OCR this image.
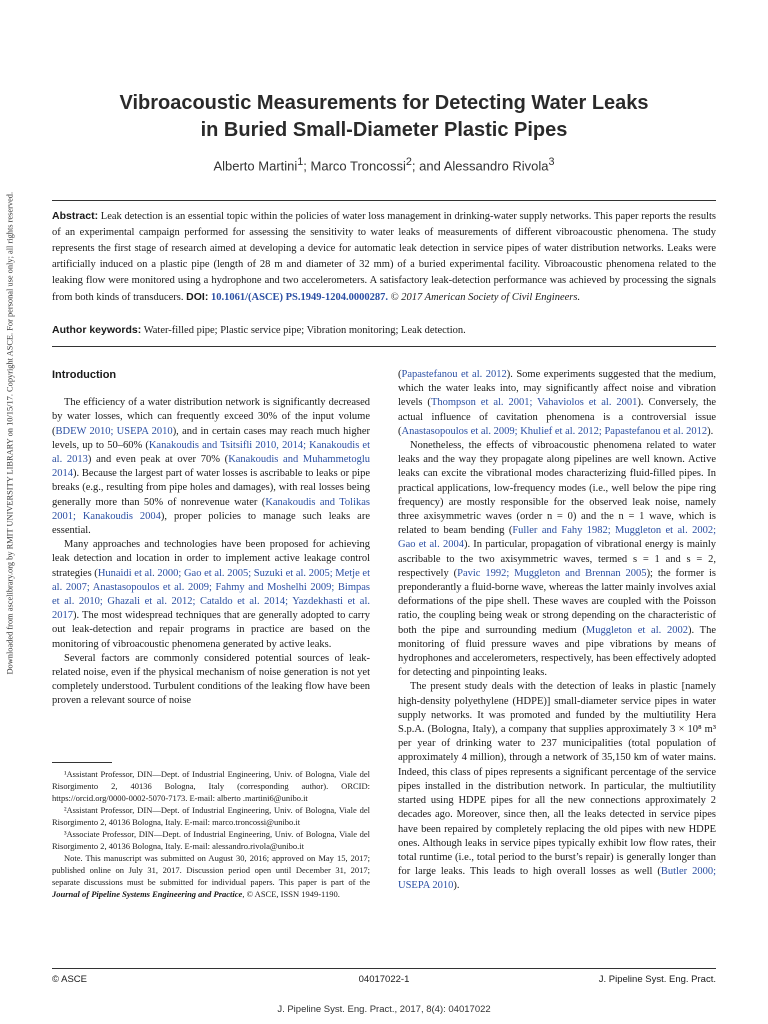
Downloaded from ascelibrary.org by RMIT UNIVERSITY LIBRARY on 10/15/17. Copyright ASCE. For personal use only; all rights reserved.
Vibroacoustic Measurements for Detecting Water Leaks
in Buried Small-Diameter Plastic Pipes
Alberto Martini$^1$; Marco Troncossi$^2$; and Alessandro Rivola$^3$
Abstract: Leak detection is an essential topic within the policies of water loss management in drinking-water supply networks. This paper reports the results of an experimental campaign performed for assessing the sensitivity to water leaks of measurements of different vibroacoustic phenomena. The study represents the first stage of research aimed at developing a device for automatic leak detection in service pipes of water distribution networks. Leaks were artificially induced on a plastic pipe (length of 28 m and diameter of 32 mm) of a buried experimental facility. Vibroacoustic phenomena related to the leaking flow were monitored using a hydrophone and two accelerometers. A satisfactory leak-detection performance was achieved by processing the signals from both kinds of transducers. DOI: 10.1061/(ASCE) PS.1949-1204.0000287. © 2017 American Society of Civil Engineers.
Author keywords: Water-filled pipe; Plastic service pipe; Vibration monitoring; Leak detection.
Introduction

The efficiency of a water distribution network is significantly decreased by water losses, which can frequently exceed 30% of the input volume (BDEW 2010; USEPA 2010), and in certain cases may reach much higher levels, up to 50–60% (Kanakoudis and Tsitsifli 2010, 2014; Kanakoudis et al. 2013) and even peak at over 70% (Kanakoudis and Muhammetoglu 2014). Because the largest part of water losses is ascribable to leaks or pipe breaks (e.g., resulting from pipe holes and damages), with real losses being generally more than 50% of nonrevenue water (Kanakoudis and Tolikas 2001; Kanakoudis 2004), proper policies to manage such leaks are essential.

Many approaches and technologies have been proposed for achieving leak detection and location in order to implement active leakage control strategies (Hunaidi et al. 2000; Gao et al. 2005; Suzuki et al. 2005; Metje et al. 2007; Anastasopoulos et al. 2009; Fahmy and Moshelhi 2009; Bimpas et al. 2010; Ghazali et al. 2012; Cataldo et al. 2014; Yazdekhasti et al. 2017). The most widespread techniques that are generally adopted to carry out leak-detection and repair programs in practice are based on the monitoring of vibroacoustic phenomena generated by active leaks.

Several factors are commonly considered potential sources of leak-related noise, even if the physical mechanism of noise generation is not yet completely understood. Turbulent conditions of the leaking flow have been proven a relevant source of noise

¹Assistant Professor, DIN—Dept. of Industrial Engineering, Univ. of Bologna, Viale del Risorgimento 2, 40136 Bologna, Italy (corresponding author). ORCID: https://orcid.org/0000-0002-5070-7173. E-mail: alberto .martini6@unibo.it

²Assistant Professor, DIN—Dept. of Industrial Engineering, Univ. of Bologna, Viale del Risorgimento 2, 40136 Bologna, Italy. E-mail: marco.troncossi@unibo.it

³Associate Professor, DIN—Dept. of Industrial Engineering, Univ. of Bologna, Viale del Risorgimento 2, 40136 Bologna, Italy. E-mail: alessandro.rivola@unibo.it

Note. This manuscript was submitted on August 30, 2016; approved on May 15, 2017; published online on July 31, 2017. Discussion period open until December 31, 2017; separate discussions must be submitted for individual papers. This paper is part of the Journal of Pipeline Systems Engineering and Practice, © ASCE, ISSN 1949-1190.

(Papastefanou et al. 2012). Some experiments suggested that the medium, which the water leaks into, may significantly affect noise and vibration levels (Thompson et al. 2001; Vahaviolos et al. 2001). Conversely, the actual influence of cavitation phenomena is a controversial issue (Anastasopoulos et al. 2009; Khulief et al. 2012; Papastefanou et al. 2012).

Nonetheless, the effects of vibroacoustic phenomena related to water leaks and the way they propagate along pipelines are well known. Active leaks can excite the vibrational modes characterizing fluid-filled pipes. In practical applications, low-frequency modes (i.e., well below the pipe ring frequency) are mostly responsible for the observed leak noise, namely three axisymmetric waves (order n = 0) and the n = 1 wave, which is related to beam bending (Fuller and Fahy 1982; Muggleton et al. 2002; Gao et al. 2004). In particular, propagation of vibrational energy is mainly ascribable to the two axisymmetric waves, termed s = 1 and s = 2, respectively (Pavic 1992; Muggleton and Brennan 2005); the former is preponderantly a fluid-borne wave, whereas the latter mainly involves axial deformations of the pipe shell. These waves are coupled with the Poisson ratio, the coupling being weak or strong depending on the characteristic of both the pipe and surrounding medium (Muggleton et al. 2002). The monitoring of fluid pressure waves and pipe vibrations by means of hydrophones and accelerometers, respectively, has been effectively adopted for detecting and pinpointing leaks.

The present study deals with the detection of leaks in plastic [namely high-density polyethylene (HDPE)] small-diameter service pipes in water supply networks. It was promoted and funded by the multiutility Hera S.p.A. (Bologna, Italy), a company that supplies approximately 3 × 10⁸ m³ per year of drinking water to 237 municipalities (total population of approximately 4 million), through a network of 35,150 km of water mains. Indeed, this class of pipes represents a significant percentage of the service pipes installed in the distribution network. In particular, the multiutility started using HDPE pipes for all the new connections approximately 2 decades ago. Moreover, since then, all the leaks detected in service pipes have been repaired by completely replacing the old pipes with new HDPE ones. Although leaks in service pipes typically exhibit low flow rates, their total runtime (i.e., total period to the burst’s repair) is generally longer than for large leaks. This leads to high overall losses as well (Butler 2000; USEPA 2010).

© ASCE	04017022-1	J. Pipeline Syst. Eng. Pract.
J. Pipeline Syst. Eng. Pract., 2017, 8(4): 04017022
